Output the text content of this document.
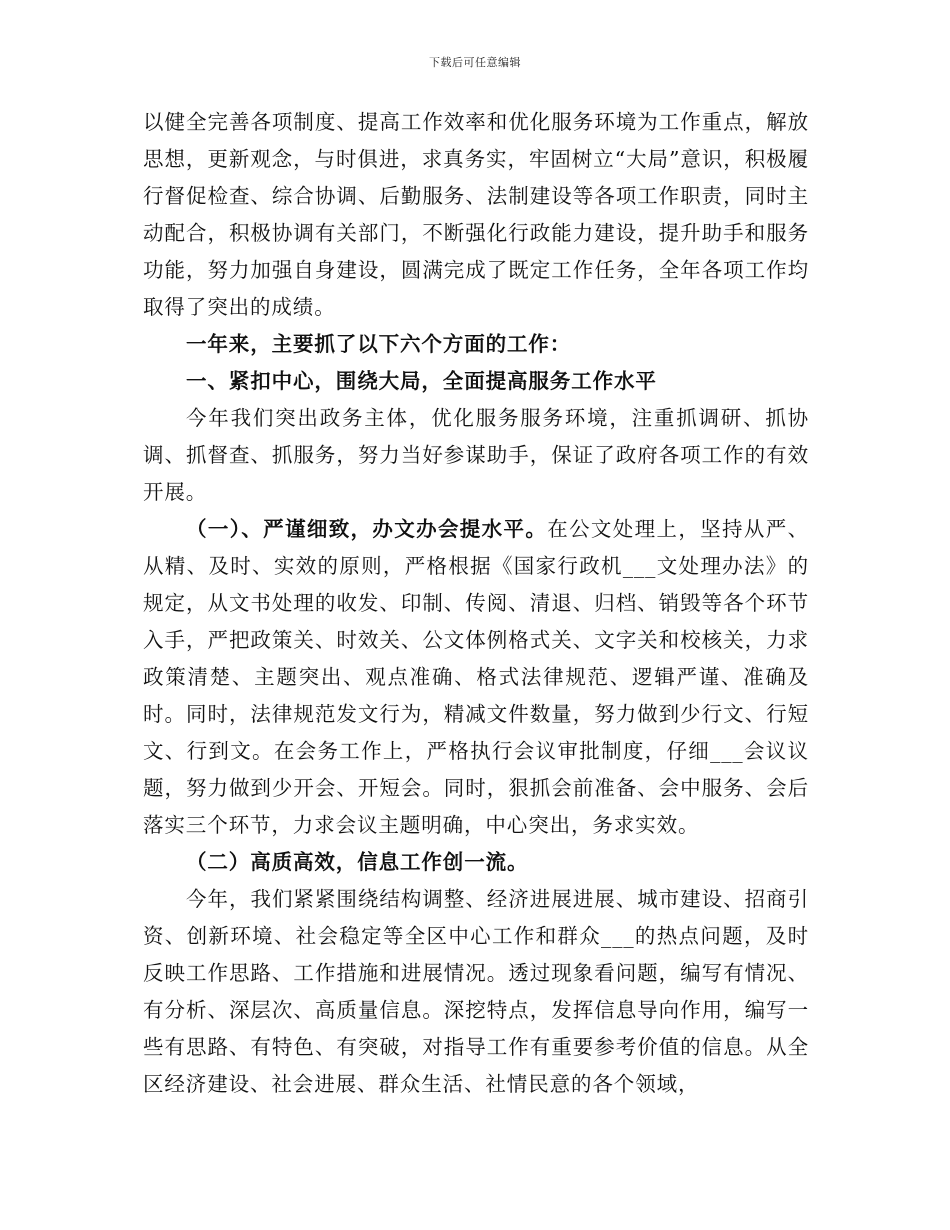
下载后可任意编辑

以健全完善各项制度、提高工作效率和优化服务环境为工作重点，解放思想，更新观念，与时俱进，求真务实，牢固树立“大局”意识，积极履行督促检查、综合协调、后勤服务、法制建设等各项工作职责，同时主动配合，积极协调有关部门，不断强化行政能力建设，提升助手和服务功能，努力加强自身建设，圆满完成了既定工作任务，全年各项工作均取得了突出的成绩。

一年来，主要抓了以下六个方面的工作：

一、紧扣中心，围绕大局，全面提高服务工作水平

今年我们突出政务主体，优化服务服务环境，注重抓调研、抓协调、抓督查、抓服务，努力当好参谋助手，保证了政府各项工作的有效开展。

（一）、严谨细致，办文办会提水平。在公文处理上，坚持从严、从精、及时、实效的原则，严格根据《国家行政机___文处理办法》的规定，从文书处理的收发、印制、传阅、清退、归档、销毁等各个环节入手，严把政策关、时效关、公文体例格式关、文字关和校核关，力求政策清楚、主题突出、观点准确、格式法律规范、逻辑严谨、准确及时。同时，法律规范发文行为，精减文件数量，努力做到少行文、行短文、行到文。在会务工作上，严格执行会议审批制度，仔细___会议议题，努力做到少开会、开短会。同时，狠抓会前准备、会中服务、会后落实三个环节，力求会议主题明确，中心突出，务求实效。

（二）高质高效，信息工作创一流。

今年，我们紧紧围绕结构调整、经济进展进展、城市建设、招商引资、创新环境、社会稳定等全区中心工作和群众___的热点问题，及时反映工作思路、工作措施和进展情况。透过现象看问题，编写有情况、有分析、深层次、高质量信息。深挖特点，发挥信息导向作用，编写一些有思路、有特色、有突破，对指导工作有重要参考价值的信息。从全区经济建设、社会进展、群众生活、社情民意的各个领域，
